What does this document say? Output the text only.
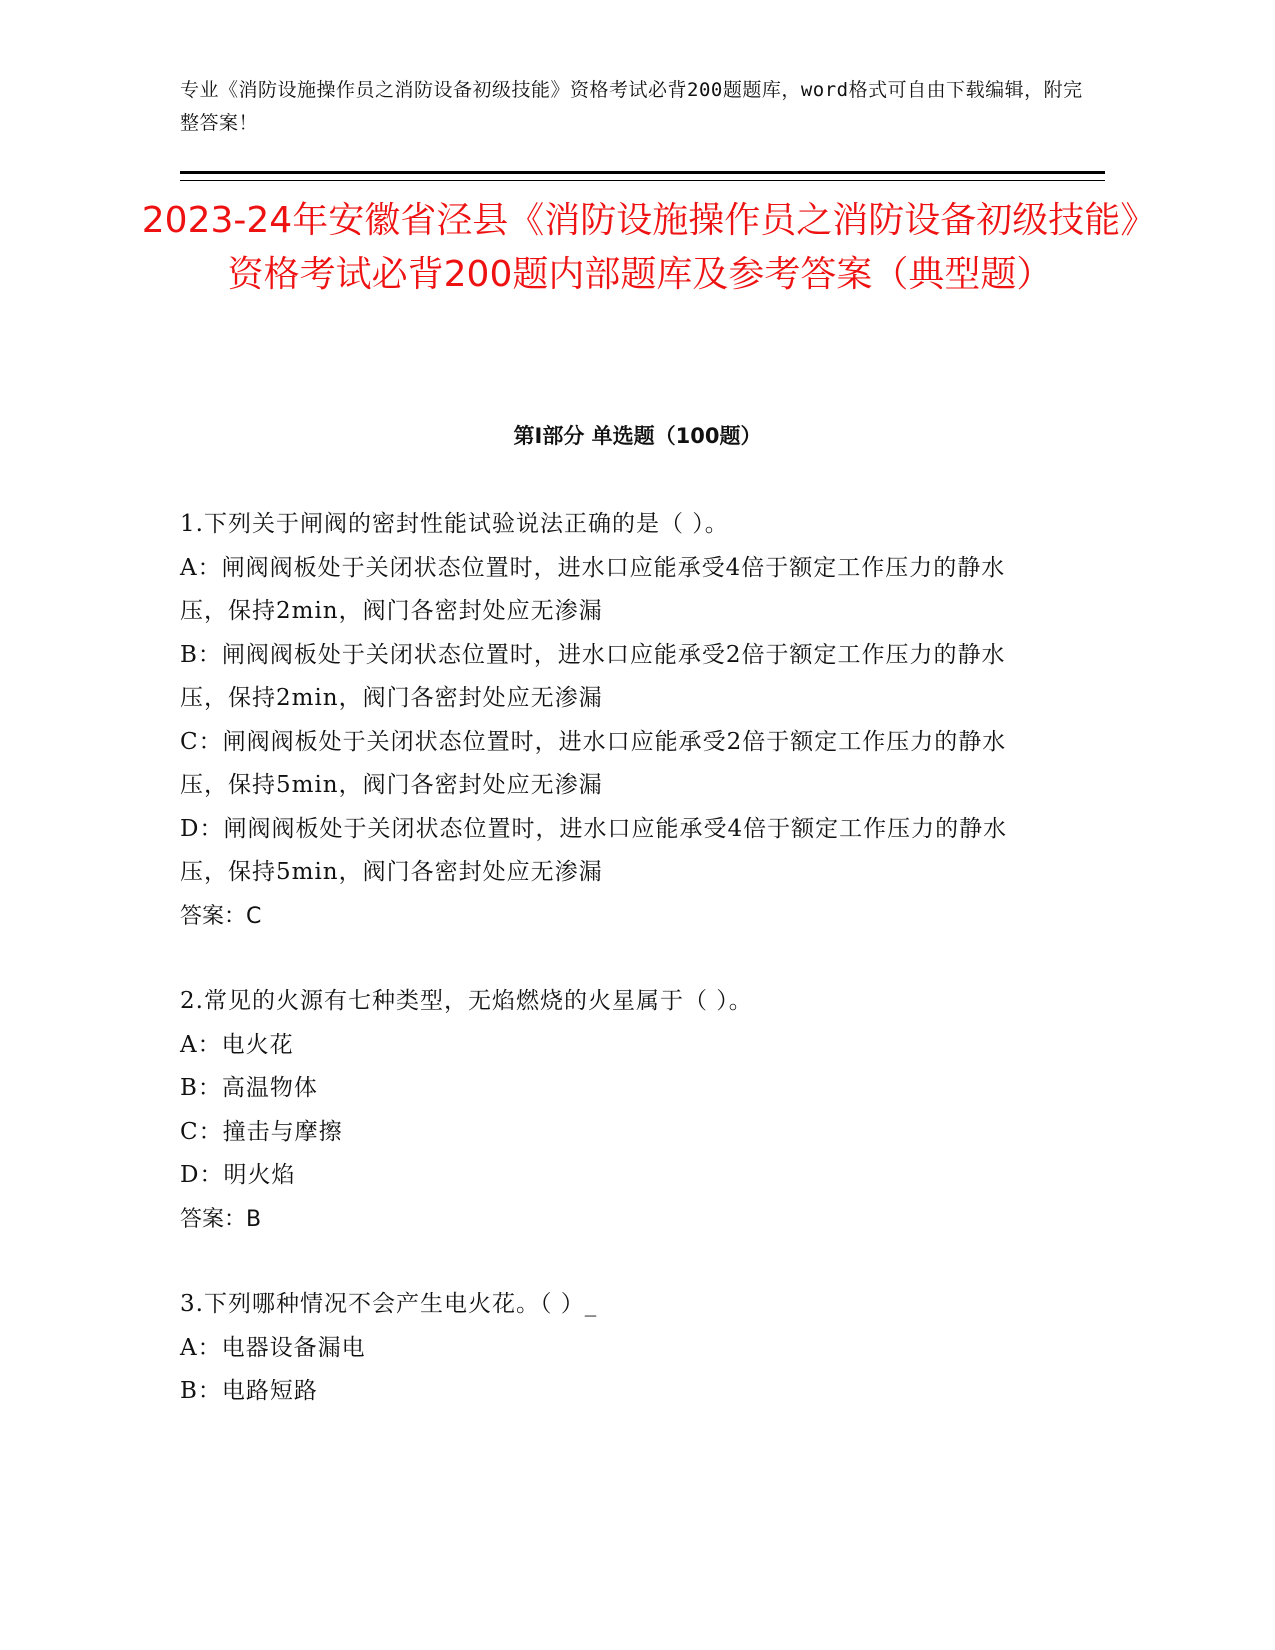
专业《消防设施操作员之消防设备初级技能》资格考试必背200题题库，word格式可自由下载编辑，附完整答案！

2023-24年安徽省泾县《消防设施操作员之消防设备初级技能》资格考试必背200题内部题库及参考答案（典型题）
第Ⅰ部分 单选题（100题）

1.下列关于闸阀的密封性能试验说法正确的是（ ）。

A：闸阀阀板处于关闭状态位置时，进水口应能承受4倍于额定工作压力的静水压，保持2min，阀门各密封处应无渗漏

B：闸阀阀板处于关闭状态位置时，进水口应能承受2倍于额定工作压力的静水压，保持2min，阀门各密封处应无渗漏

C：闸阀阀板处于关闭状态位置时，进水口应能承受2倍于额定工作压力的静水压，保持5min，阀门各密封处应无渗漏

D：闸阀阀板处于关闭状态位置时，进水口应能承受4倍于额定工作压力的静水压，保持5min，阀门各密封处应无渗漏

答案：C

2.常见的火源有七种类型，无焰燃烧的火星属于（ ）。

A：电火花

B：高温物体

C：撞击与摩擦

D：明火焰

答案：B

3.下列哪种情况不会产生电火花。（ ）_

A：电器设备漏电

B：电路短路
